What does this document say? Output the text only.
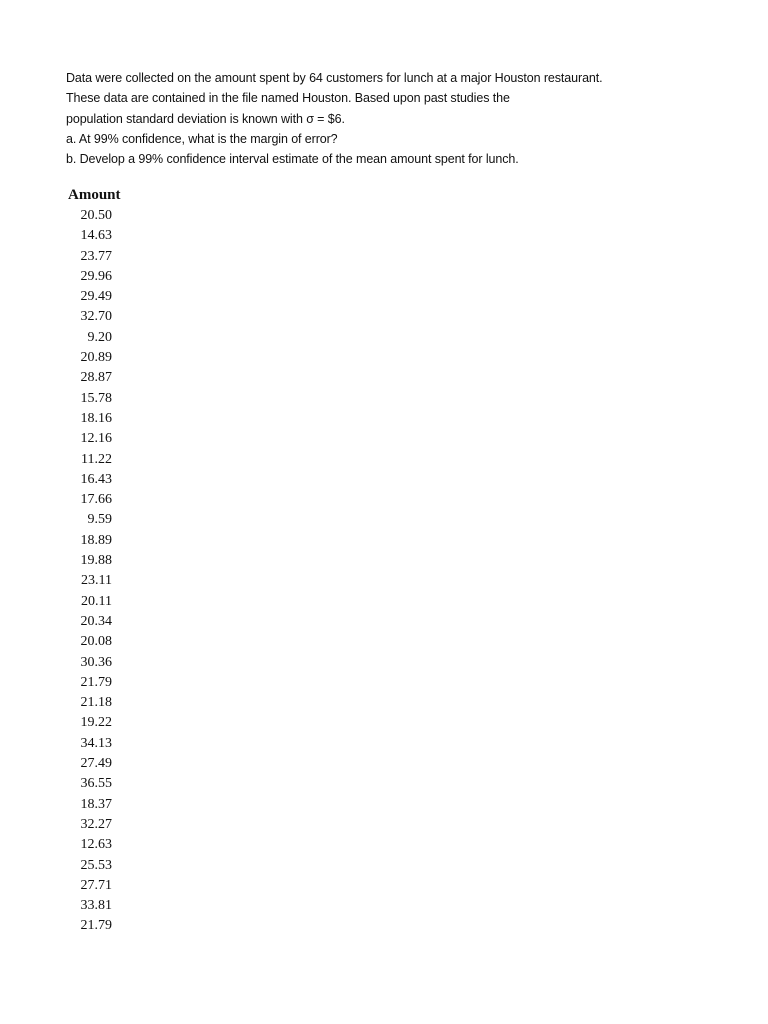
Data were collected on the amount spent by 64 customers for lunch at a major Houston restaurant.
These data are contained in the file named Houston. Based upon past studies the
population standard deviation is known with σ = $6.
a. At 99% confidence, what is the margin of error?
b. Develop a 99% confidence interval estimate of the mean amount spent for lunch.
Amount
20.50
14.63
23.77
29.96
29.49
32.70
9.20
20.89
28.87
15.78
18.16
12.16
11.22
16.43
17.66
9.59
18.89
19.88
23.11
20.11
20.34
20.08
30.36
21.79
21.18
19.22
34.13
27.49
36.55
18.37
32.27
12.63
25.53
27.71
33.81
21.79
